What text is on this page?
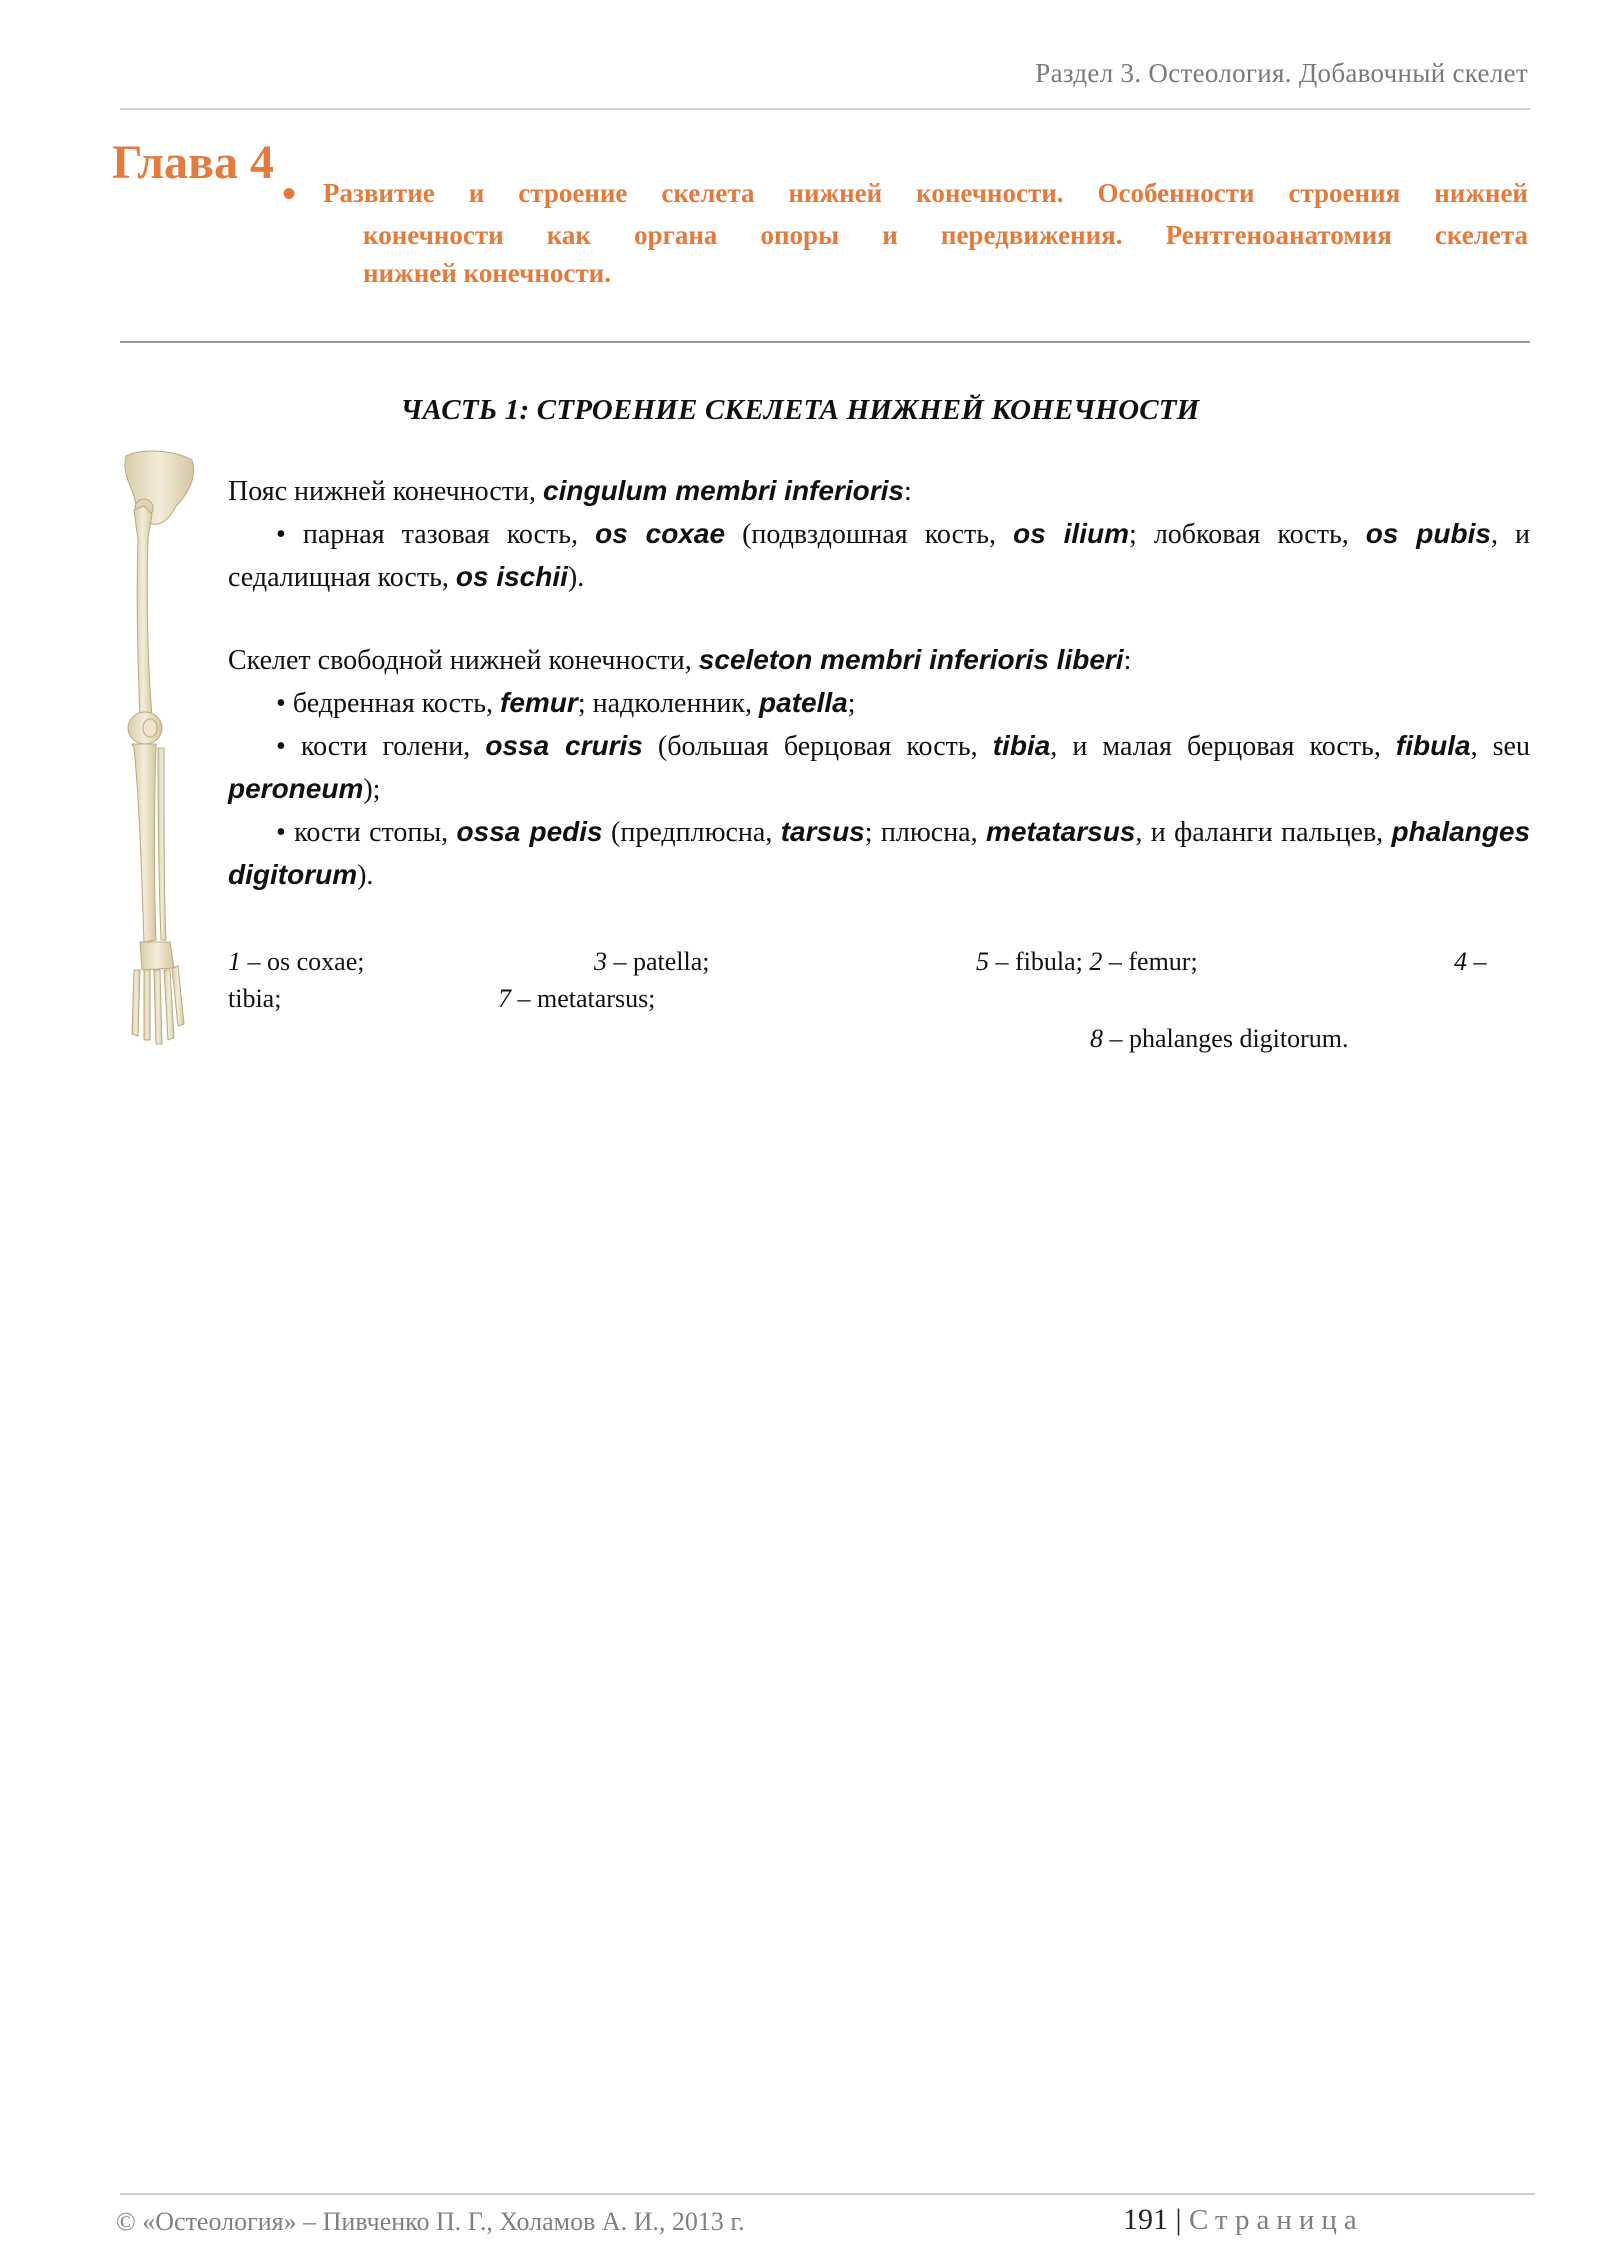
Раздел 3. Остеология. Добавочный скелет
Глава 4
• Развитие и строение скелета нижней конечности. Особенности строения нижней
конечности как органа опоры и передвижения. Рентгеноанатомия скелета
нижней конечности.
ЧАСТЬ 1: СТРОЕНИЕ СКЕЛЕТА НИЖНЕЙ КОНЕЧНОСТИ

Пояс нижней конечности, cingulum membri inferioris:

• парная тазовая кость, os coxae (подвздошная кость, os ilium; лобковая кость, os pubis, и седалищная кость, os ischii).

Скелет свободной нижней конечности, sceleton membri inferioris liberi:

• бедренная кость, femur; надколенник, patella;

• кости голени, ossa cruris (большая берцовая кость, tibia, и малая берцовая кость, fibula, seu peroneum);

• кости стопы, ossa pedis (предплюсна, tarsus; плюсна, metatarsus, и фаланги пальцев, phalanges digitorum).

1 – os coxae;	3 – patella;	5 – fibula; 2 – femur;	4 –
tibia;	7 – metatarsus;
8 – phalanges digitorum.
© «Остеология» – Пивченко П. Г., Холамов А. И., 2013 г.	191 | Страница
